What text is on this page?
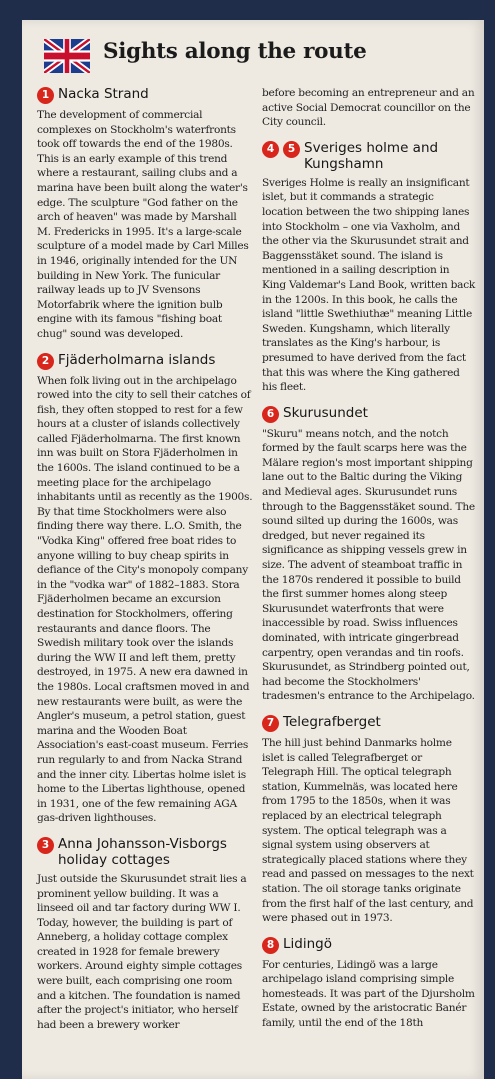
Sights along the route
1 Nacka Strand

The development of commercial complexes on Stockholm's waterfronts took off towards the end of the 1980s. This is an early example of this trend where a restaurant, sailing clubs and a marina have been built along the water's edge. The sculpture "God father on the arch of heaven" was made by Marshall M. Fredericks in 1995. It's a large-scale sculpture of a model made by Carl Milles in 1946, originally intended for the UN building in New York. The funicular railway leads up to JV Svensons Motorfabrik where the ignition bulb engine with its famous "fishing boat chug" sound was developed.

2 Fjäderholmarna islands

When folk living out in the archipelago rowed into the city to sell their catches of fish, they often stopped to rest for a few hours at a cluster of islands collectively called Fjäderholmarna. The first known inn was built on Stora Fjäderholmen in the 1600s. The island continued to be a meeting place for the archipelago inhabitants until as recently as the 1900s. By that time Stockholmers were also finding there way there. L.O. Smith, the "Vodka King" offered free boat rides to anyone willing to buy cheap spirits in defiance of the City's monopoly company in the "vodka war" of 1882–1883. Stora Fjäderholmen became an excursion destination for Stockholmers, offering restaurants and dance floors. The Swedish military took over the islands during the WW II and left them, pretty destroyed, in 1975. A new era dawned in the 1980s. Local craftsmen moved in and new restaurants were built, as were the Angler's museum, a petrol station, guest marina and the Wooden Boat Association's east-coast museum. Ferries run regularly to and from Nacka Strand and the inner city. Libertas holme islet is home to the Libertas lighthouse, opened in 1931, one of the few remaining AGA gas-driven lighthouses.

3 Anna Johansson-Visborgs holiday cottages

Just outside the Skurusundet strait lies a prominent yellow building. It was a linseed oil and tar factory during WW I. Today, however, the building is part of Anneberg, a holiday cottage complex created in 1928 for female brewery workers. Around eighty simple cottages were built, each comprising one room and a kitchen. The foundation is named after the project's initiator, who herself had been a brewery worker

before becoming an entrepreneur and an active Social Democrat councillor on the City council.

4	5 Sveriges holme and Kungshamn

Sveriges Holme is really an insignificant islet, but it commands a strategic location between the two shipping lanes into Stockholm – one via Vaxholm, and the other via the Skurusundet strait and Baggensstäket sound. The island is mentioned in a sailing description in King Valdemar's Land Book, written back in the 1200s. In this book, he calls the island "little Swethiuthæ" meaning Little Sweden. Kungshamn, which literally translates as the King's harbour, is presumed to have derived from the fact that this was where the King gathered his fleet.

6 Skurusundet

"Skuru" means notch, and the notch formed by the fault scarps here was the Mälare region's most important shipping lane out to the Baltic during the Viking and Medieval ages. Skurusundet runs through to the Baggensstäket sound. The sound silted up during the 1600s, was dredged, but never regained its significance as shipping vessels grew in size. The advent of steamboat traffic in the 1870s rendered it possible to build the first summer homes along steep Skurusundet waterfronts that were inaccessible by road. Swiss influences dominated, with intricate gingerbread carpentry, open verandas and tin roofs. Skurusundet, as Strindberg pointed out, had become the Stockholmers' tradesmen's entrance to the Archipelago.

7 Telegrafberget

The hill just behind Danmarks holme islet is called Telegrafberget or Telegraph Hill. The optical telegraph station, Kummelnäs, was located here from 1795 to the 1850s, when it was replaced by an electrical telegraph system. The optical telegraph was a signal system using observers at strategically placed stations where they read and passed on messages to the next station. The oil storage tanks originate from the first half of the last century, and were phased out in 1973.

8 Lidingö

For centuries, Lidingö was a large archipelago island comprising simple homesteads. It was part of the Djursholm Estate, owned by the aristocratic Banér family, until the end of the 18th
